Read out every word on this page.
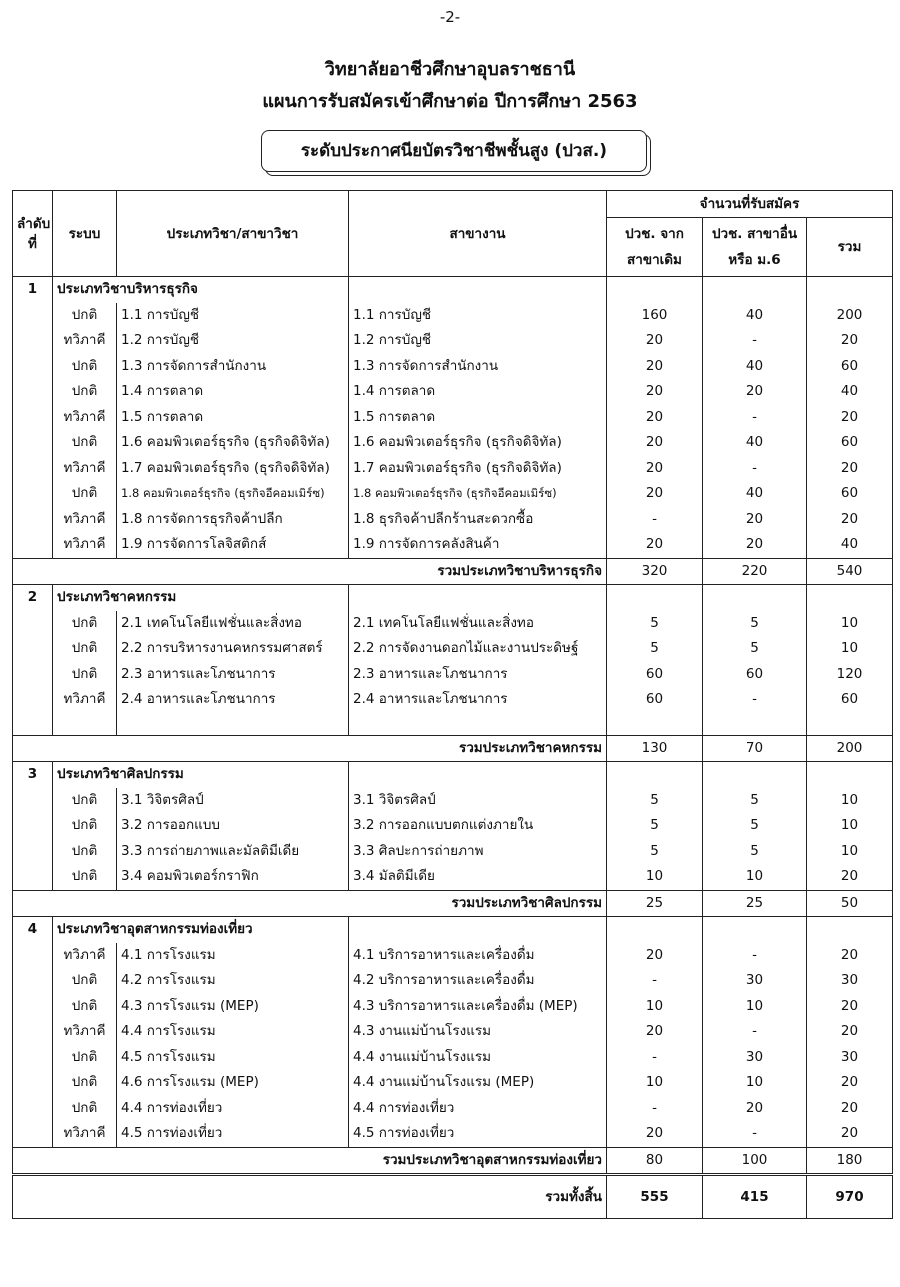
-2-
วิทยาลัยอาชีวศึกษาอุบลราชธานี
แผนการรับสมัครเข้าศึกษาต่อ ปีการศึกษา 2563
ระดับประกาศนียบัตรวิชาชีพชั้นสูง (ปวส.)
ลำดับที่	ระบบ	ประเภทวิชา/สาขาวิชา	สาขางาน	จำนวนที่รับสมัคร		
				ปวช. จาก สาขาเดิม	ปวช. สาขาอื่น หรือ ม.6	รวม
1	ประเภทวิชาบริหารธุรกิจ					
	ปกติ	1.1 การบัญชี	1.1 การบัญชี	160	40	200
	ทวิภาคี	1.2 การบัญชี	1.2 การบัญชี	20	-	20
	ปกติ	1.3 การจัดการสำนักงาน	1.3 การจัดการสำนักงาน	20	40	60
	ปกติ	1.4 การตลาด	1.4 การตลาด	20	20	40
	ทวิภาคี	1.5 การตลาด	1.5 การตลาด	20	-	20
	ปกติ	1.6 คอมพิวเตอร์ธุรกิจ (ธุรกิจดิจิทัล)	1.6 คอมพิวเตอร์ธุรกิจ (ธุรกิจดิจิทัล)	20	40	60
	ทวิภาคี	1.7 คอมพิวเตอร์ธุรกิจ (ธุรกิจดิจิทัล)	1.7 คอมพิวเตอร์ธุรกิจ (ธุรกิจดิจิทัล)	20	-	20
	ปกติ	1.8 คอมพิวเตอร์ธุรกิจ (ธุรกิจอีคอมเมิร์ซ)	1.8 คอมพิวเตอร์ธุรกิจ (ธุรกิจอีคอมเมิร์ซ)	20	40	60
	ทวิภาคี	1.8 การจัดการธุรกิจค้าปลีก	1.8 ธุรกิจค้าปลีกร้านสะดวกซื้อ	-	20	20
	ทวิภาคี	1.9 การจัดการโลจิสติกส์	1.9 การจัดการคลังสินค้า	20	20	40
รวมประเภทวิชาบริหารธุรกิจ				320	220	540
2	ประเภทวิชาคหกรรม					
	ปกติ	2.1 เทคโนโลยีแฟชั่นและสิ่งทอ	2.1 เทคโนโลยีแฟชั่นและสิ่งทอ	5	5	10
	ปกติ	2.2 การบริหารงานคหกรรมศาสตร์	2.2 การจัดงานดอกไม้และงานประดิษฐ์	5	5	10
	ปกติ	2.3 อาหารและโภชนาการ	2.3 อาหารและโภชนาการ	60	60	120
	ทวิภาคี	2.4 อาหารและโภชนาการ	2.4 อาหารและโภชนาการ	60	-	60

รวมประเภทวิชาคหกรรม				130	70	200
3	ประเภทวิชาศิลปกรรม					
	ปกติ	3.1 วิจิตรศิลป์	3.1 วิจิตรศิลป์	5	5	10
	ปกติ	3.2 การออกแบบ	3.2 การออกแบบตกแต่งภายใน	5	5	10
	ปกติ	3.3 การถ่ายภาพและมัลติมีเดีย	3.3 ศิลปะการถ่ายภาพ	5	5	10
	ปกติ	3.4 คอมพิวเตอร์กราฟิก	3.4 มัลติมีเดีย	10	10	20
รวมประเภทวิชาศิลปกรรม				25	25	50
4	ประเภทวิชาอุตสาหกรรมท่องเที่ยว					
	ทวิภาคี	4.1 การโรงแรม	4.1 บริการอาหารและเครื่องดื่ม	20	-	20
	ปกติ	4.2 การโรงแรม	4.2 บริการอาหารและเครื่องดื่ม	-	30	30
	ปกติ	4.3 การโรงแรม (MEP)	4.3 บริการอาหารและเครื่องดื่ม (MEP)	10	10	20
	ทวิภาคี	4.4 การโรงแรม	4.3 งานแม่บ้านโรงแรม	20	-	20
	ปกติ	4.5 การโรงแรม	4.4 งานแม่บ้านโรงแรม	-	30	30
	ปกติ	4.6 การโรงแรม (MEP)	4.4 งานแม่บ้านโรงแรม (MEP)	10	10	20
	ปกติ	4.4 การท่องเที่ยว	4.4 การท่องเที่ยว	-	20	20
	ทวิภาคี	4.5 การท่องเที่ยว	4.5 การท่องเที่ยว	20	-	20
รวมประเภทวิชาอุตสาหกรรมท่องเที่ยว				80	100	180
รวมทั้งสิ้น				555	415	970
